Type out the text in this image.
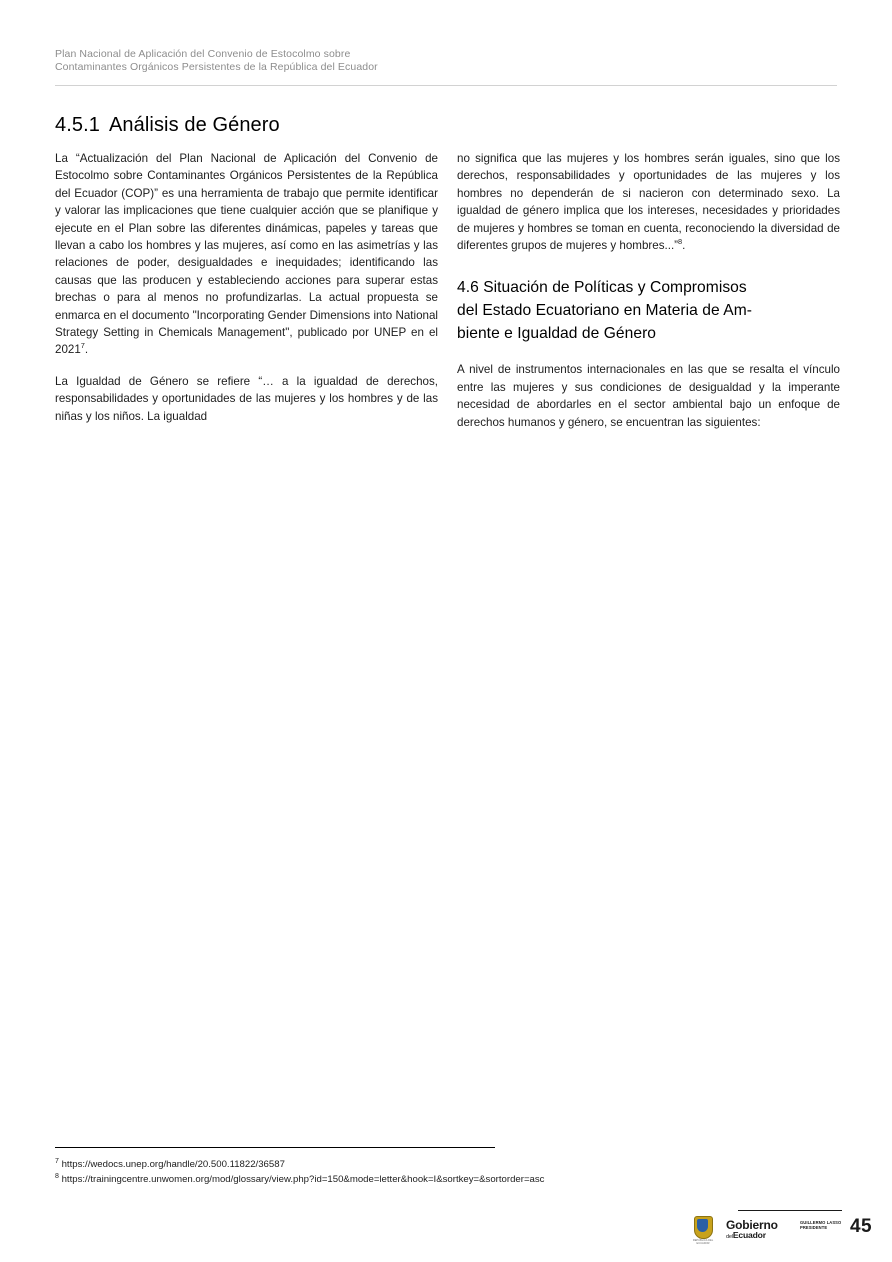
Plan Nacional de Aplicación del Convenio de Estocolmo sobre
Contaminantes Orgánicos Persistentes de la República del Ecuador
4.5.1 Análisis de Género

La “Actualización del Plan Nacional de Aplicación del Convenio de Estocolmo sobre Contaminantes Orgánicos Persistentes de la República del Ecuador (COP)” es una herramienta de trabajo que permite identificar y valorar las implicaciones que tiene cualquier acción que se planifique y ejecute en el Plan sobre las diferentes dinámicas, papeles y tareas que llevan a cabo los hombres y las mujeres, así como en las asimetrías y las relaciones de poder, desigualdades e inequidades; identificando las causas que las producen y estableciendo acciones para superar estas brechas o para al menos no profundizarlas. La actual propuesta se enmarca en el documento "Incorporating Gender Dimensions into National Strategy Setting in Chemicals Management", publicado por UNEP en el 2021$^7$.

La Igualdad de Género se refiere “… a la igualdad de derechos, responsabilidades y oportunidades de las mujeres y los hombres y de las niñas y los niños. La igualdad

no significa que las mujeres y los hombres serán iguales, sino que los derechos, responsabilidades y oportunidades de las mujeres y los hombres no dependerán de si nacieron con determinado sexo. La igualdad de género implica que los intereses, necesidades y prioridades de mujeres y hombres se toman en cuenta, reconociendo la diversidad de diferentes grupos de mujeres y hombres...”$^8$.

4.6 Situación de Políticas y Compromisos
del Estado Ecuatoriano en Materia de Am-
biente e Igualdad de Género

A nivel de instrumentos internacionales en las que se resalta el vínculo entre las mujeres y sus condiciones de desigualdad y la imperante necesidad de abordarles en el sector ambiental bajo un enfoque de derechos humanos y género, se encuentran las siguientes:

$^7$ https://wedocs.unep.org/handle/20.500.11822/36587
$^8$ https://trainingcentre.unwomen.org/mod/glossary/view.php?id=150&mode=letter&hook=I&sortkey=&sortorder=asc
REPÚBLICA DEL ECUADOR
Gobierno
delEcuador
GUILLERMO LASSO PRESIDENTE	45
